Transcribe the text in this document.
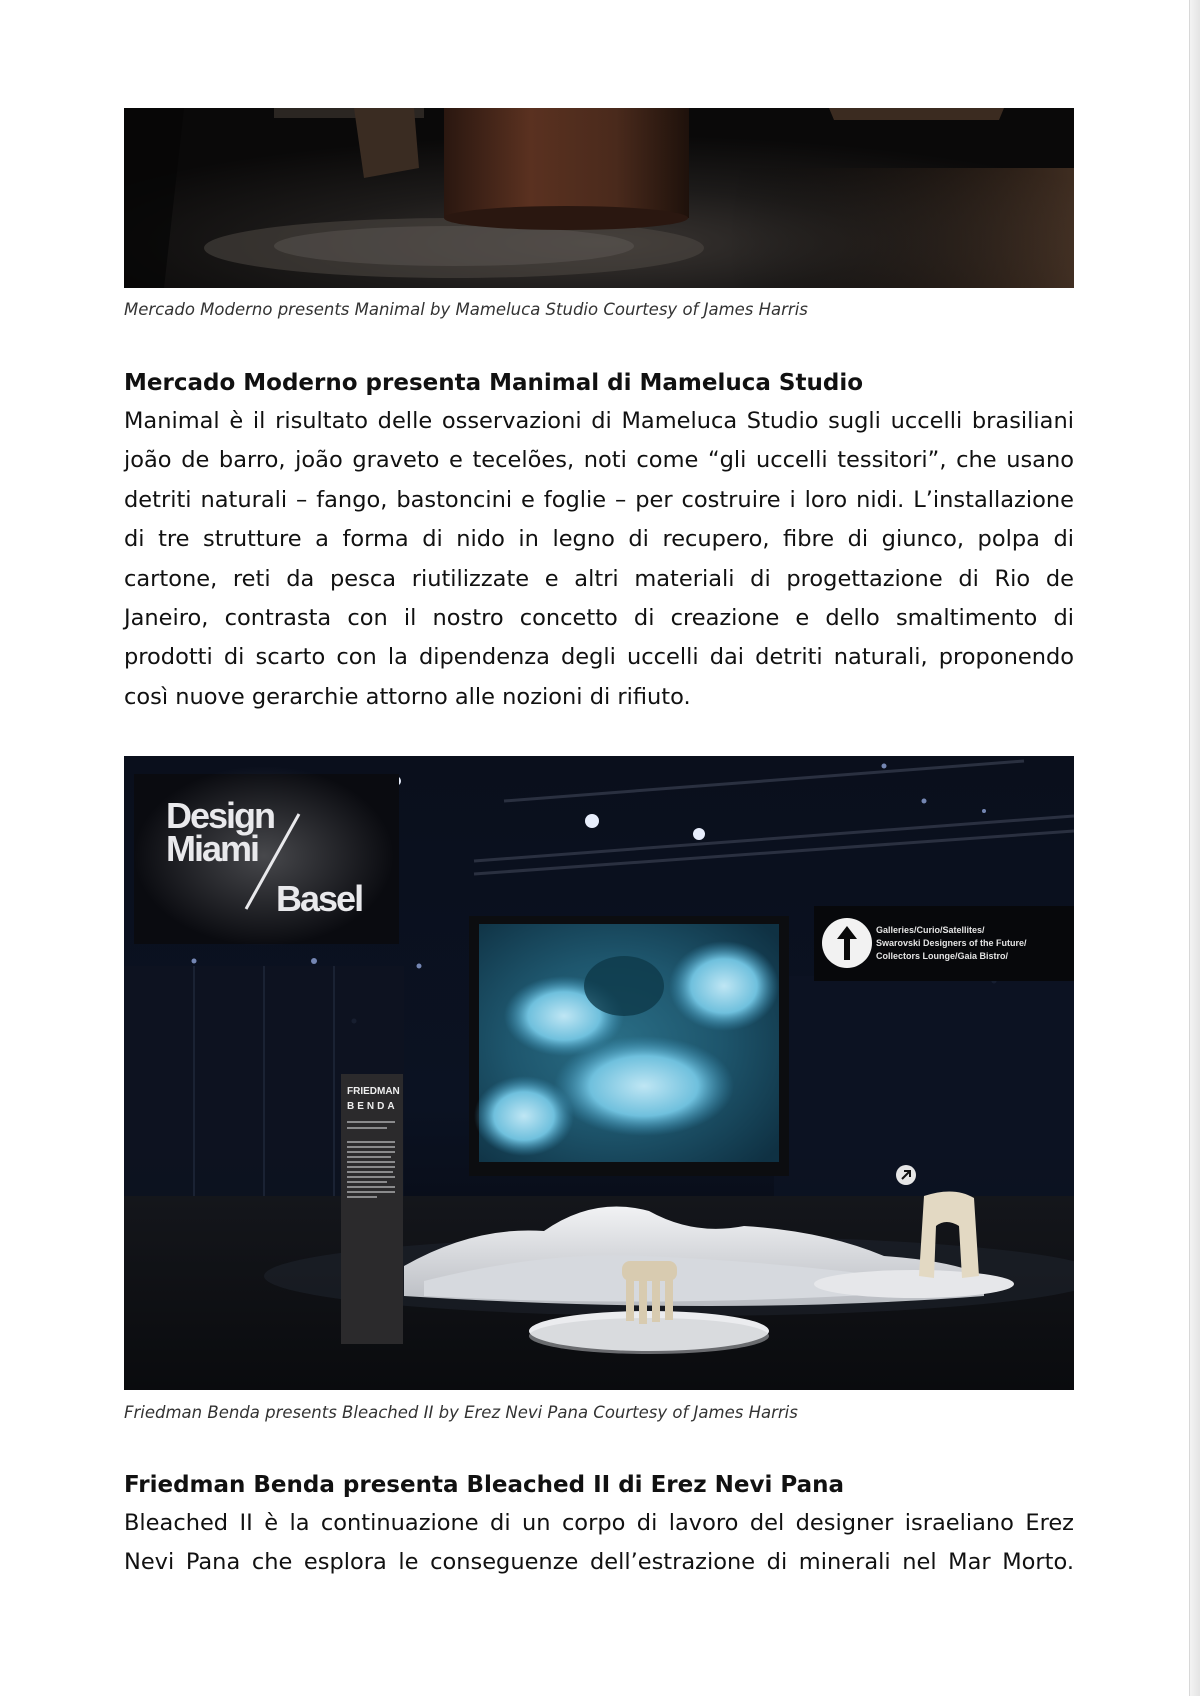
Mercado Moderno presents Manimal by Mameluca Studio Courtesy of James Harris
Mercado Moderno presenta Manimal di Mameluca Studio
Manimal è il risultato delle osservazioni di Mameluca Studio sugli uccelli brasiliani
joão de barro, joão graveto e tecelões, noti come “gli uccelli tessitori”, che usano
detriti naturali – fango, bastoncini e foglie – per costruire i loro nidi. L’installazione
di tre strutture a forma di nido in legno di recupero, fibre di giunco, polpa di
cartone, reti da pesca riutilizzate e altri materiali di progettazione di Rio de
Janeiro, contrasta con il nostro concetto di creazione e dello smaltimento di
prodotti di scarto con la dipendenza degli uccelli dai detriti naturali, proponendo
così nuove gerarchie attorno alle nozioni di rifiuto.
Design
Miami
Basel
Galleries/Curio/Satellites/
Swarovski Designers of the Future/
Collectors Lounge/Gaia Bistro/
FRIEDMAN
BENDA
Friedman Benda presents Bleached II by Erez Nevi Pana Courtesy of James Harris
Friedman Benda presenta Bleached II di Erez Nevi Pana
Bleached II è la continuazione di un corpo di lavoro del designer israeliano Erez
Nevi Pana che esplora le conseguenze dell’estrazione di minerali nel Mar Morto.
